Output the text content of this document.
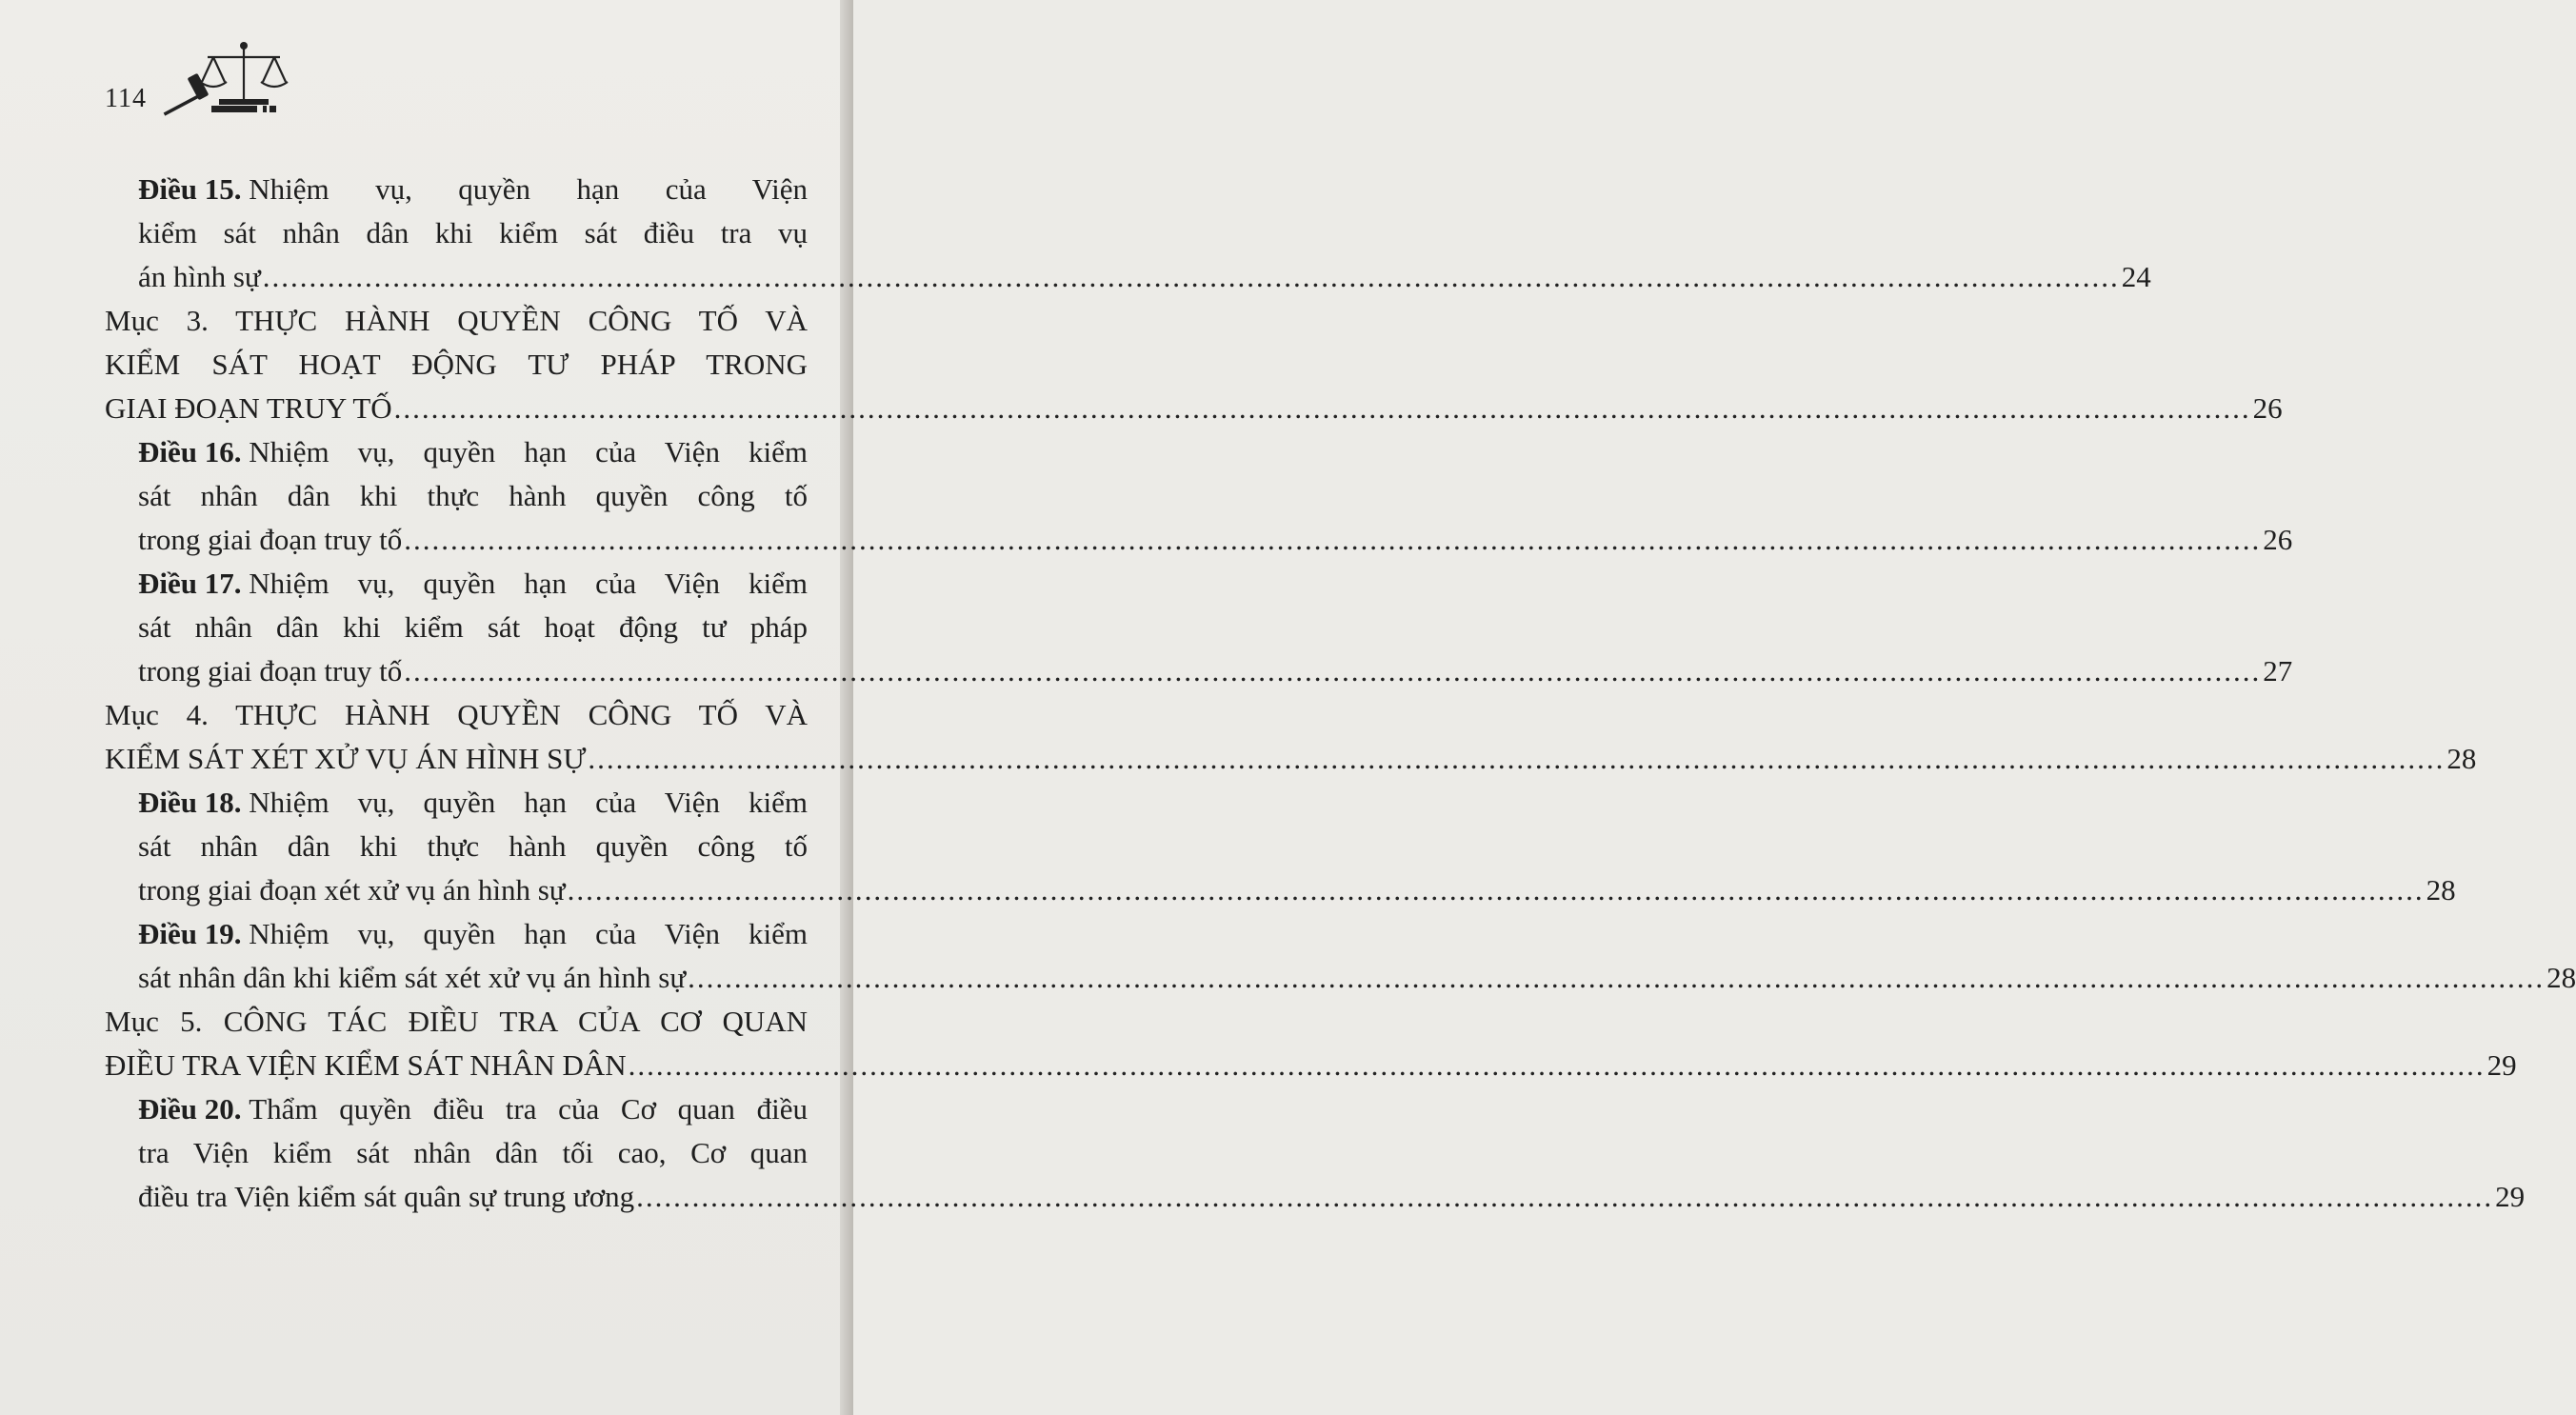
114
Điều 15.
Nhiệm vụ, quyền hạn của Viện
kiểm sát nhân dân khi kiểm sát điều tra vụ
án hình sự ........................................................................................................................................................................................................ 24
Mục 3. THỰC HÀNH QUYỀN CÔNG TỐ VÀ
KIỂM SÁT HOẠT ĐỘNG TƯ PHÁP TRONG
GIAI ĐOẠN TRUY TỐ ........................................................................................................................................................................................................ 26
Điều 16.
Nhiệm vụ, quyền hạn của Viện kiểm
sát nhân dân khi thực hành quyền công tố
trong giai đoạn truy tố ........................................................................................................................................................................................................ 26
Điều 17.
Nhiệm vụ, quyền hạn của Viện kiểm
sát nhân dân khi kiểm sát hoạt động tư pháp
trong giai đoạn truy tố ........................................................................................................................................................................................................ 27
Mục 4. THỰC HÀNH QUYỀN CÔNG TỐ VÀ
KIỂM SÁT XÉT XỬ VỤ ÁN HÌNH SỰ ........................................................................................................................................................................................................ 28
Điều 18.
Nhiệm vụ, quyền hạn của Viện kiểm
sát nhân dân khi thực hành quyền công tố
trong giai đoạn xét xử vụ án hình sự ........................................................................................................................................................................................................ 28
Điều 19.
Nhiệm vụ, quyền hạn của Viện kiểm
sát nhân dân khi kiểm sát xét xử vụ án hình sự ........................................................................................................................................................................................................ 28
Mục 5. CÔNG TÁC ĐIỀU TRA CỦA CƠ QUAN
ĐIỀU TRA VIỆN KIỂM SÁT NHÂN DÂN ........................................................................................................................................................................................................ 29
Điều 20.
Thẩm quyền điều tra của Cơ quan điều
tra Viện kiểm sát nhân dân tối cao, Cơ quan
điều tra Viện kiểm sát quân sự trung ương ........................................................................................................................................................................................................ 29
